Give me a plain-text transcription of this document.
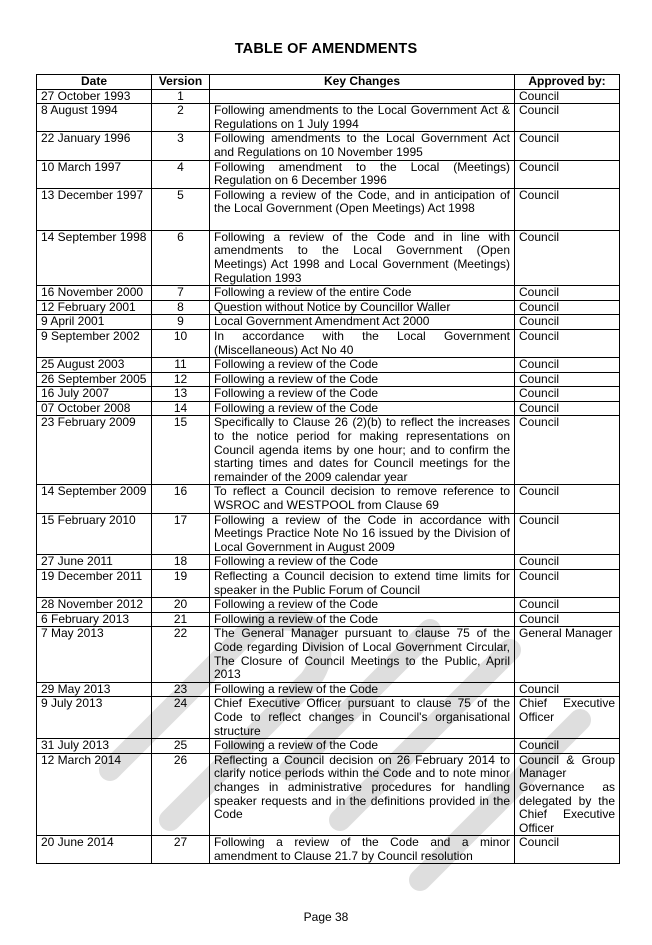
TABLE OF AMENDMENTS
Date	Version	Key Changes	Approved by:
27 October 1993	1		Council
8 August 1994	2	Following amendments to the Local Government Act & Regulations on 1 July 1994	Council
22 January 1996	3	Following amendments to the Local Government Act and Regulations on 10 November 1995	Council
10 March 1997	4	Following amendment to the Local (Meetings) Regulation on 6 December 1996	Council
13 December 1997	5	Following a review of the Code, and in anticipation of the Local Government (Open Meetings) Act 1998	Council
14 September 1998	6	Following a review of the Code and in line with amendments to the Local Government (Open Meetings) Act 1998 and Local Government (Meetings) Regulation 1993	Council
16 November 2000	7	Following a review of the entire Code	Council
12 February 2001	8	Question without Notice by Councillor Waller	Council
9 April 2001	9	Local Government Amendment Act 2000	Council
9 September 2002	10	In accordance with the Local Government (Miscellaneous) Act No 40	Council
25 August 2003	11	Following a review of the Code	Council
26 September 2005	12	Following a review of the Code	Council
16 July 2007	13	Following a review of the Code	Council
07 October 2008	14	Following a review of the Code	Council
23 February 2009	15	Specifically to Clause 26 (2)(b) to reflect the increases to the notice period for making representations on Council agenda items by one hour; and to confirm the starting times and dates for Council meetings for the remainder of the 2009 calendar year	Council
14 September 2009	16	To reflect a Council decision to remove reference to WSROC and WESTPOOL from Clause 69	Council
15 February 2010	17	Following a review of the Code in accordance with Meetings Practice Note No 16 issued by the Division of Local Government in August 2009	Council
27 June 2011	18	Following a review of the Code	Council
19 December 2011	19	Reflecting a Council decision to extend time limits for speaker in the Public Forum of Council	Council
28 November 2012	20	Following a review of the Code	Council
6 February 2013	21	Following a review of the Code	Council
7 May 2013	22	The General Manager pursuant to clause 75 of the Code regarding Division of Local Government Circular, The Closure of Council Meetings to the Public, April 2013	General Manager
29 May 2013	23	Following a review of the Code	Council
9 July 2013	24	Chief Executive Officer pursuant to clause 75 of the Code to reflect changes in Council's organisational structure	Chief Executive Officer
31 July 2013	25	Following a review of the Code	Council
12 March 2014	26	Reflecting a Council decision on 26 February 2014 to clarify notice periods within the Code and to note minor changes in administrative procedures for handling speaker requests and in the definitions provided in the Code	Council & Group Manager Governance as delegated by the Chief Executive Officer
20 June 2014	27	Following a review of the Code and a minor amendment to Clause 21.7 by Council resolution	Council
Page 38
